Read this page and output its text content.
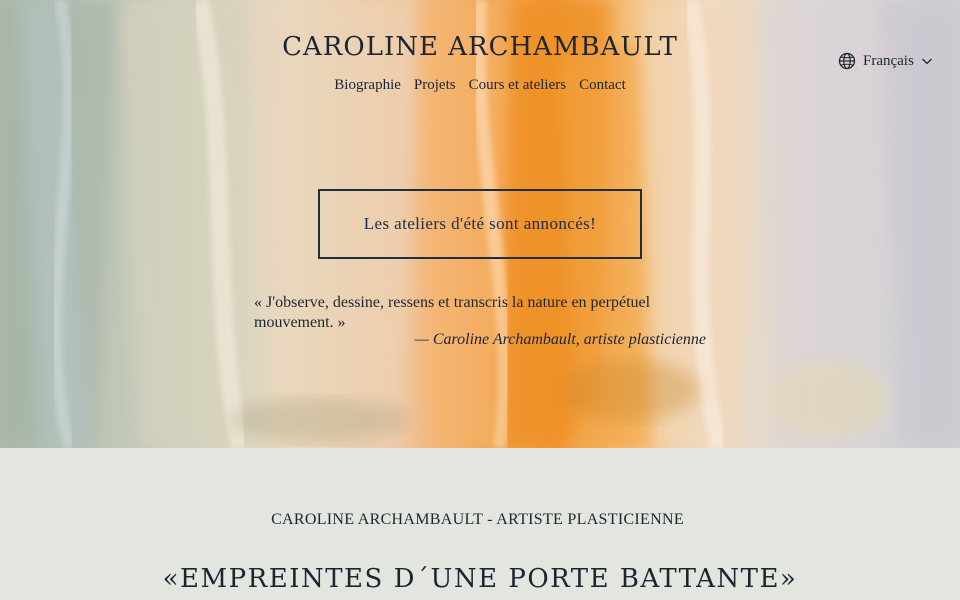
CAROLINE ARCHAMBAULT
Biographie Projets Cours et ateliers Contact
Français
Les ateliers d'été sont annoncés!

« J'observe, dessine, ressens et transcris la nature en perpétuel mouvement. »

— Caroline Archambault, artiste plasticienne

CAROLINE ARCHAMBAULT - ARTISTE PLASTICIENNE

«EMPREINTES D´UNE PORTE BATTANTE»
